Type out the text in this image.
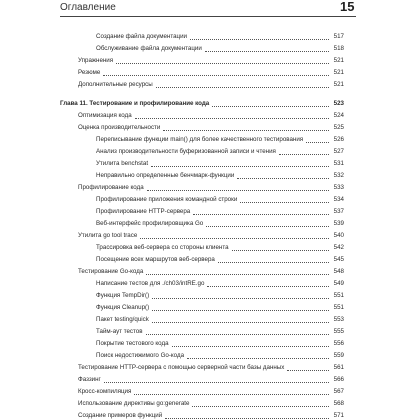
Оглавление	15
Создание файла документации	517
Обслуживание файла документации	518
Упражнения	521
Резюме	521
Дополнительные ресурсы	521
Глава 11. Тестирование и профилирование кода	523
Оптимизация кода	524
Оценка производительности	525
Переписывание функции main() для более качественного тестирования	526
Анализ производительности буферизованной записи и чтения	527
Утилита benchstat	531
Неправильно определенные бенчмарк-функции	532
Профилирование кода	533
Профилирование приложения командной строки	534
Профилирование HTTP-сервера	537
Веб-интерфейс профилировщика Go	539
Утилита go tool trace	540
Трассировка веб-сервера со стороны клиента	542
Посещение всех маршрутов веб-сервера	545
Тестирование Go-кода	548
Написание тестов для ./ch03/intRE.go	549
Функция TempDir()	551
Функция Cleanup()	551
Пакет testing/quick	553
Тайм-аут тестов	555
Покрытие тестового кода	556
Поиск недостижимого Go-кода	559
Тестирование HTTP-сервера с помощью серверной части базы данных	561
Фаззинг	566
Кросс-компиляция	567
Использование директивы go:generate	568
Создание примеров функций	571
